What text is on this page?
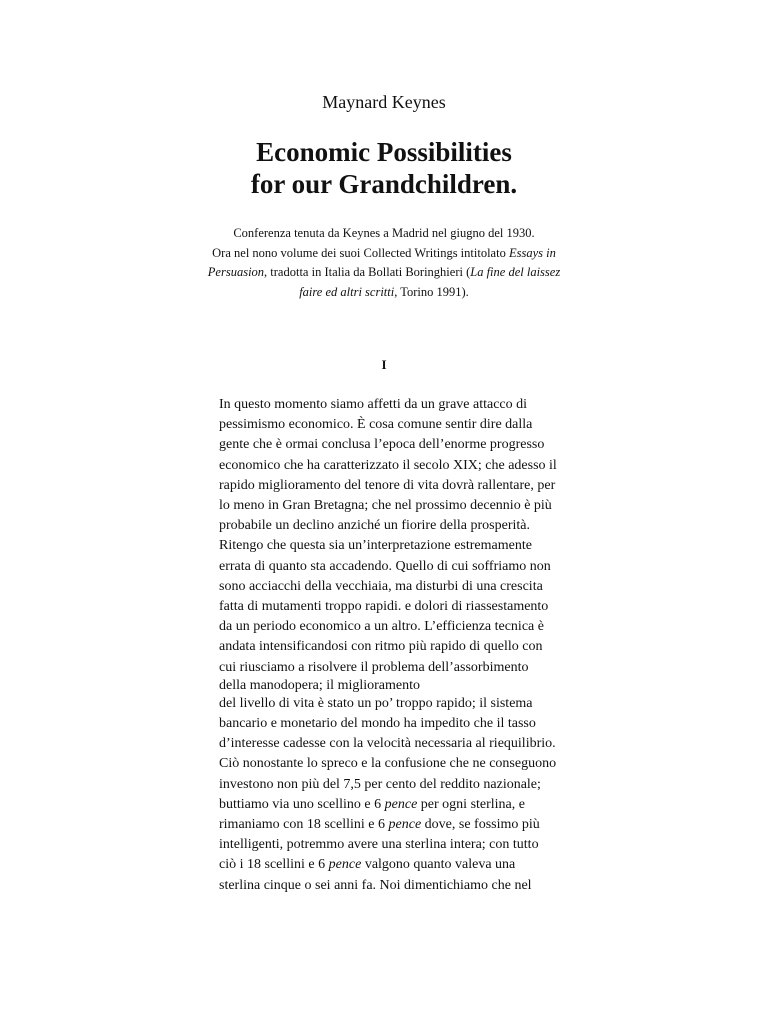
Maynard Keynes
Economic Possibilities
for our Grandchildren.
Conferenza tenuta da Keynes a Madrid nel giugno del 1930.
Ora nel nono volume dei suoi Collected Writings intitolato Essays in
Persuasion, tradotta in Italia da Bollati Boringhieri (La fine del laissez
faire ed altri scritti, Torino 1991).
I
In questo momento siamo affetti da un grave attacco di
pessimismo economico. È cosa comune sentir dire dalla
gente che è ormai conclusa l’epoca dell’enorme progresso
economico che ha caratterizzato il secolo XIX; che adesso il
rapido miglioramento del tenore di vita dovrà rallentare, per
lo meno in Gran Bretagna; che nel prossimo decennio è più
probabile un declino anziché un fiorire della prosperità.
Ritengo che questa sia un’interpretazione estremamente
errata di quanto sta accadendo. Quello di cui soffriamo non
sono acciacchi della vecchiaia, ma disturbi di una crescita
fatta di mutamenti troppo rapidi. e dolori di riassestamento
da un periodo economico a un altro. L’efficienza tecnica è
andata intensificandosi con ritmo più rapido di quello con
cui riusciamo a risolvere il problema dell’assorbimento
della manodopera; il miglioramento
del livello di vita è stato un po’ troppo rapido; il sistema
bancario e monetario del mondo ha impedito che il tasso
d’interesse cadesse con la velocità necessaria al riequilibrio.
Ciò nonostante lo spreco e la confusione che ne conseguono
investono non più del 7,5 per cento del reddito nazionale;
buttiamo via uno scellino e 6 pence per ogni sterlina, e
rimaniamo con 18 scellini e 6 pence dove, se fossimo più
intelligenti, potremmo avere una sterlina intera; con tutto
ciò i 18 scellini e 6 pence valgono quanto valeva una
sterlina cinque o sei anni fa. Noi dimentichiamo che nel
